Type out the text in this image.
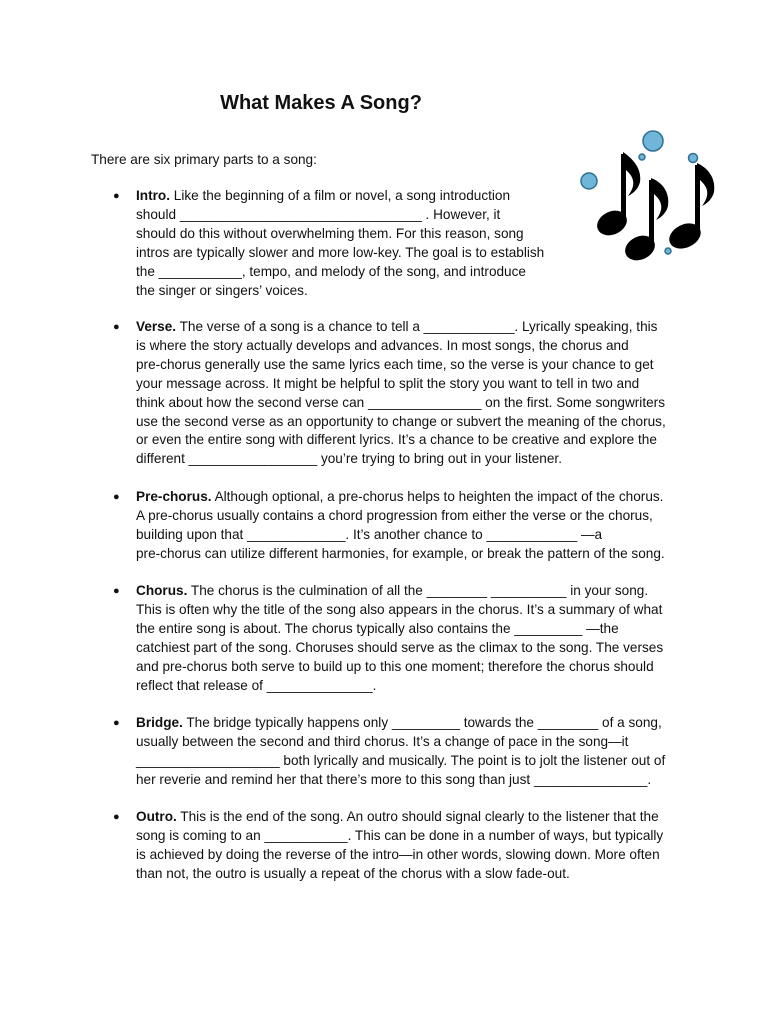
What Makes A Song?
There are six primary parts to a song:
● Intro. Like the beginning of a film or novel, a song introduction
should ________________________________ . However, it
should do this without overwhelming them. For this reason, song
intros are typically slower and more low-key. The goal is to establish
the ___________, tempo, and melody of the song, and introduce
the singer or singers’ voices.
● Verse. The verse of a song is a chance to tell a ____________. Lyrically speaking, this
is where the story actually develops and advances. In most songs, the chorus and
pre-chorus generally use the same lyrics each time, so the verse is your chance to get
your message across. It might be helpful to split the story you want to tell in two and
think about how the second verse can _______________ on the first. Some songwriters
use the second verse as an opportunity to change or subvert the meaning of the chorus,
or even the entire song with different lyrics. It’s a chance to be creative and explore the
different _________________ you’re trying to bring out in your listener.
● Pre-chorus. Although optional, a pre-chorus helps to heighten the impact of the chorus.
A pre-chorus usually contains a chord progression from either the verse or the chorus,
building upon that _____________. It’s another chance to ____________ —a
pre-chorus can utilize different harmonies, for example, or break the pattern of the song.
● Chorus. The chorus is the culmination of all the ________ __________ in your song.
This is often why the title of the song also appears in the chorus. It’s a summary of what
the entire song is about. The chorus typically also contains the _________ —the
catchiest part of the song. Choruses should serve as the climax to the song. The verses
and pre-chorus both serve to build up to this one moment; therefore the chorus should
reflect that release of ______________.
● Bridge. The bridge typically happens only _________ towards the ________ of a song,
usually between the second and third chorus. It’s a change of pace in the song—it
___________________ both lyrically and musically. The point is to jolt the listener out of
her reverie and remind her that there’s more to this song than just _______________.
● Outro. This is the end of the song. An outro should signal clearly to the listener that the
song is coming to an ___________. This can be done in a number of ways, but typically
is achieved by doing the reverse of the intro—in other words, slowing down. More often
than not, the outro is usually a repeat of the chorus with a slow fade-out.
